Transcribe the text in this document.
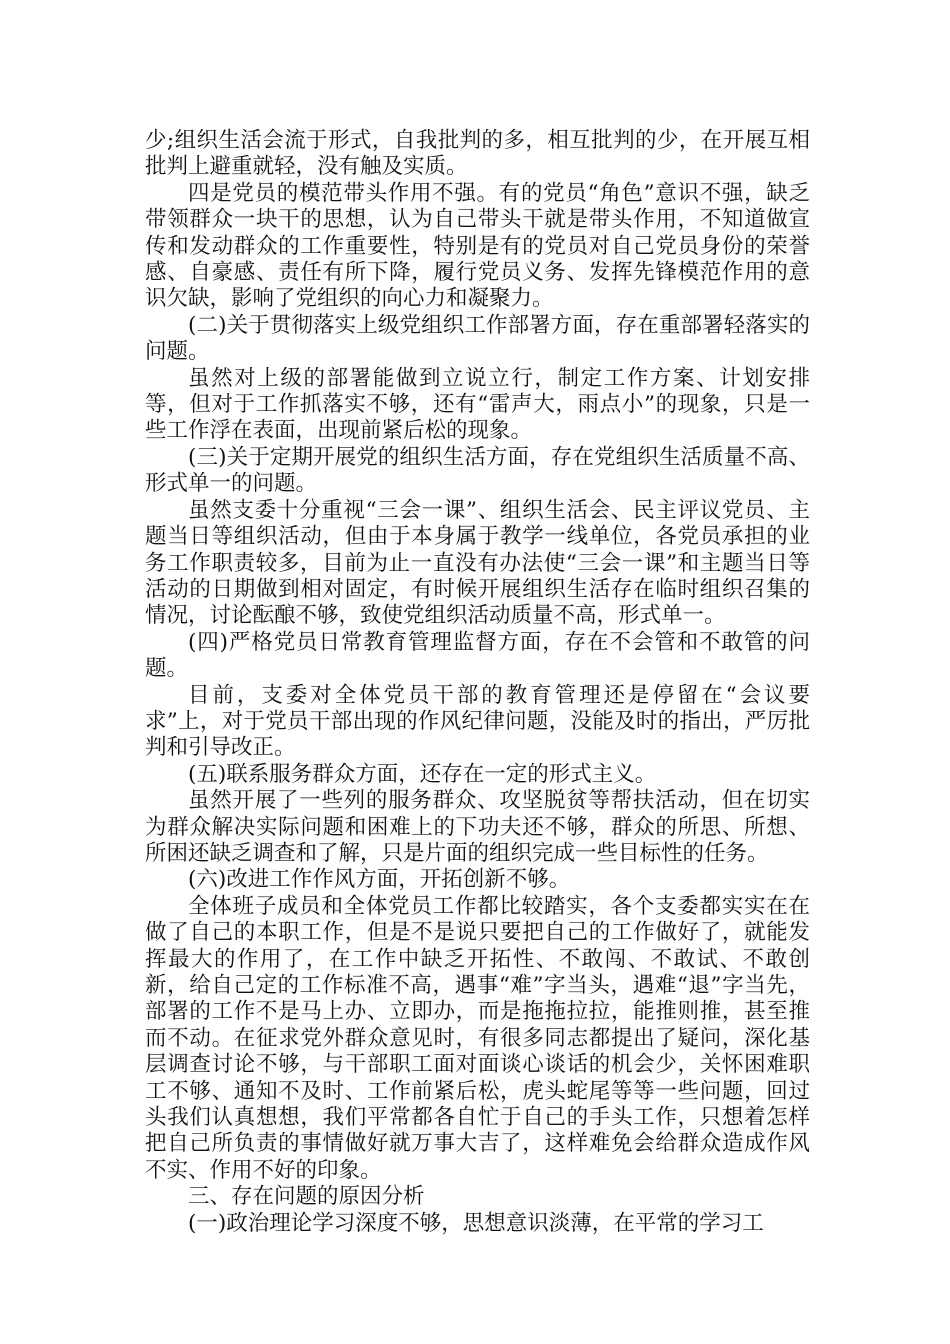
少;组织生活会流于形式，自我批判的多，相互批判的少，在开展互相批判上避重就轻，没有触及实质。

四是党员的模范带头作用不强。有的党员“角色”意识不强，缺乏带领群众一块干的思想，认为自己带头干就是带头作用，不知道做宣传和发动群众的工作重要性，特别是有的党员对自己党员身份的荣誉感、自豪感、责任有所下降，履行党员义务、发挥先锋模范作用的意识欠缺，影响了党组织的向心力和凝聚力。

(二)关于贯彻落实上级党组织工作部署方面，存在重部署轻落实的问题。

虽然对上级的部署能做到立说立行，制定工作方案、计划安排等，但对于工作抓落实不够，还有“雷声大，雨点小”的现象，只是一些工作浮在表面，出现前紧后松的现象。

(三)关于定期开展党的组织生活方面，存在党组织生活质量不高、形式单一的问题。

虽然支委十分重视“三会一课”、组织生活会、民主评议党员、主题当日等组织活动，但由于本身属于教学一线单位，各党员承担的业务工作职责较多，目前为止一直没有办法使“三会一课”和主题当日等活动的日期做到相对固定，有时候开展组织生活存在临时组织召集的情况，讨论酝酿不够，致使党组织活动质量不高，形式单一。

(四)严格党员日常教育管理监督方面，存在不会管和不敢管的问题。

目前，支委对全体党员干部的教育管理还是停留在“会议要求”上，对于党员干部出现的作风纪律问题，没能及时的指出，严厉批判和引导改正。

(五)联系服务群众方面，还存在一定的形式主义。

虽然开展了一些列的服务群众、攻坚脱贫等帮扶活动，但在切实为群众解决实际问题和困难上的下功夫还不够，群众的所思、所想、所困还缺乏调查和了解，只是片面的组织完成一些目标性的任务。

(六)改进工作作风方面，开拓创新不够。

全体班子成员和全体党员工作都比较踏实，各个支委都实实在在做了自己的本职工作，但是不是说只要把自己的工作做好了，就能发挥最大的作用了，在工作中缺乏开拓性、不敢闯、不敢试、不敢创新，给自己定的工作标准不高，遇事“难”字当头，遇难“退”字当先，部署的工作不是马上办、立即办，而是拖拖拉拉，能推则推，甚至推而不动。在征求党外群众意见时，有很多同志都提出了疑问，深化基层调查讨论不够，与干部职工面对面谈心谈话的机会少，关怀困难职工不够、通知不及时、工作前紧后松，虎头蛇尾等等一些问题，回过头我们认真想想，我们平常都各自忙于自己的手头工作，只想着怎样把自己所负责的事情做好就万事大吉了，这样难免会给群众造成作风不实、作用不好的印象。

三、存在问题的原因分析

(一)政治理论学习深度不够，思想意识淡薄，在平常的学习工
